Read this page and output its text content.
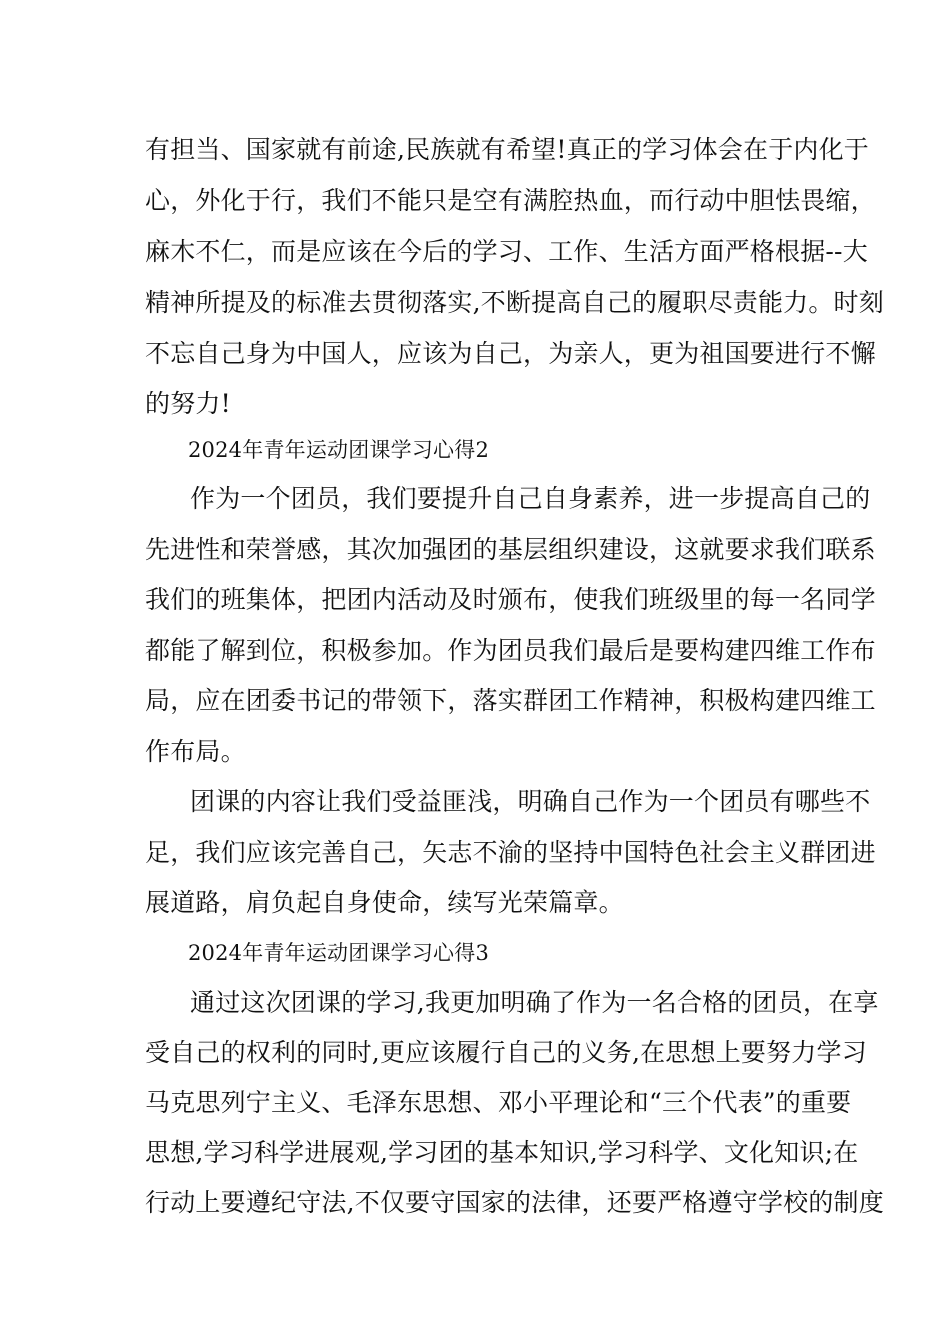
有担当、国家就有前途,民族就有希望!真正的学习体会在于内化于
心，外化于行，我们不能只是空有满腔热血，而行动中胆怯畏缩，
麻木不仁，而是应该在今后的学习、工作、生活方面严格根据--大
精神所提及的标准去贯彻落实,不断提高自己的履职尽责能力。时刻
不忘自己身为中国人，应该为自己，为亲人，更为祖国要进行不懈
的努力!
2024年青年运动团课学习心得2
作为一个团员，我们要提升自己自身素养，进一步提高自己的
先进性和荣誉感，其次加强团的基层组织建设，这就要求我们联系
我们的班集体，把团内活动及时颁布，使我们班级里的每一名同学
都能了解到位，积极参加。作为团员我们最后是要构建四维工作布
局，应在团委书记的带领下，落实群团工作精神，积极构建四维工
作布局。
团课的内容让我们受益匪浅，明确自己作为一个团员有哪些不
足，我们应该完善自己，矢志不渝的坚持中国特色社会主义群团进
展道路，肩负起自身使命，续写光荣篇章。
2024年青年运动团课学习心得3
通过这次团课的学习,我更加明确了作为一名合格的团员，在享
受自己的权利的同时,更应该履行自己的义务,在思想上要努力学习
马克思列宁主义、毛泽东思想、邓小平理论和“三个代表”的重要
思想,学习科学进展观,学习团的基本知识,学习科学、文化知识;在
行动上要遵纪守法,不仅要守国家的法律，还要严格遵守学校的制度
